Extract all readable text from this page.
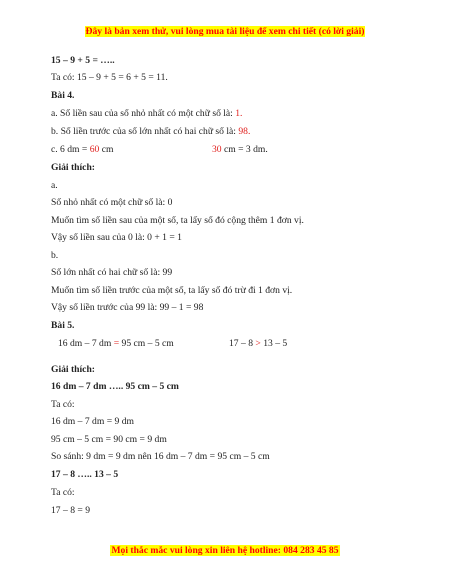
Đây là bản xem thử, vui lòng mua tài liệu để xem chi tiết (có lời giải)
15 – 9 + 5 = …..
Ta có: 15 – 9 + 5 = 6 + 5 = 11.
Bài 4.
a. Số liền sau của số nhỏ nhất có một chữ số là: 1.
b. Số liền trước của số lớn nhất có hai chữ số là: 98.
c. 6 dm = 60 cm	30 cm = 3 dm.
Giải thích:
a.
Số nhỏ nhất có một chữ số là: 0
Muốn tìm số liền sau của một số, ta lấy số đó cộng thêm 1 đơn vị.
Vậy số liền sau của 0 là: 0 + 1 = 1
b.
Số lớn nhất có hai chữ số là: 99
Muốn tìm số liền trước của một số, ta lấy số đó trừ đi 1 đơn vị.
Vậy số liền trước của 99 là: 99 – 1 = 98
Bài 5.
16 dm – 7 dm = 95 cm – 5 cm	17 – 8 > 13 – 5
Giải thích:
16 dm – 7 dm ….. 95 cm – 5 cm
Ta có:
16 dm – 7 dm = 9 dm
95 cm – 5 cm = 90 cm = 9 dm
So sánh: 9 dm = 9 dm nên 16 dm – 7 dm = 95 cm – 5 cm
17 – 8 ….. 13 – 5
Ta có:
17 – 8 = 9
Mọi thắc mắc vui lòng xin liên hệ hotline: 084 283 45 85
